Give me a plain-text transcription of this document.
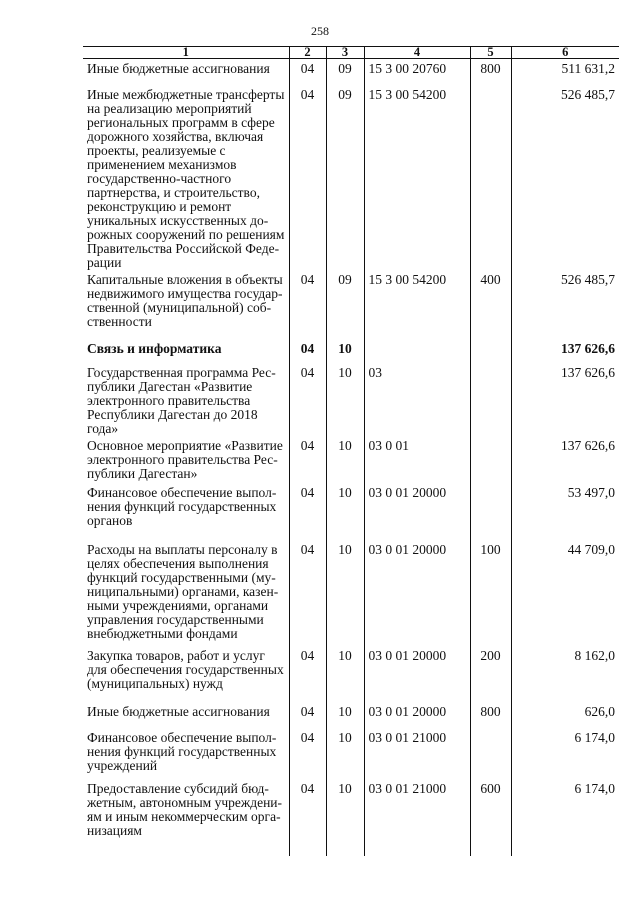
258
1	2	3	4	5	6
Иные бюджетные ассигнования	04	09	15 3 00 20760	800	511 631,2
Иные межбюджетные трансферты на реализацию мероприятий региональных программ в сфере дорожного хозяйства, включая проекты, реализуемые с применением механизмов государственно-частного партнерства, и строительство, реконструкцию и ремонт уникальных искусственных дорожных сооружений по решениям Правительства Российской Федерации	04	09	15 3 00 54200		526 485,7
Капитальные вложения в объекты недвижимого имущества государственной (муниципальной) собственности	04	09	15 3 00 54200	400	526 485,7
Связь и информатика	04	10			137 626,6
Государственная программа Республики Дагестан «Развитие электронного правительства Республики Дагестан до 2018 года»	04	10	03		137 626,6
Основное мероприятие «Развитие электронного правительства Республики Дагестан»	04	10	03 0 01		137 626,6
Финансовое обеспечение выполнения функций государственных органов	04	10	03 0 01 20000		53 497,0
Расходы на выплаты персоналу в целях обеспечения выполнения функций государственными (муниципальными) органами, казенными учреждениями, органами управления государственными внебюджетными фондами	04	10	03 0 01 20000	100	44 709,0
Закупка товаров, работ и услуг для обеспечения государственных (муниципальных) нужд	04	10	03 0 01 20000	200	8 162,0
Иные бюджетные ассигнования	04	10	03 0 01 20000	800	626,0
Финансовое обеспечение выполнения функций государственных учреждений	04	10	03 0 01 21000		6 174,0
Предоставление субсидий бюджетным, автономным учреждениям и иным некоммерческим организациям	04	10	03 0 01 21000	600	6 174,0
